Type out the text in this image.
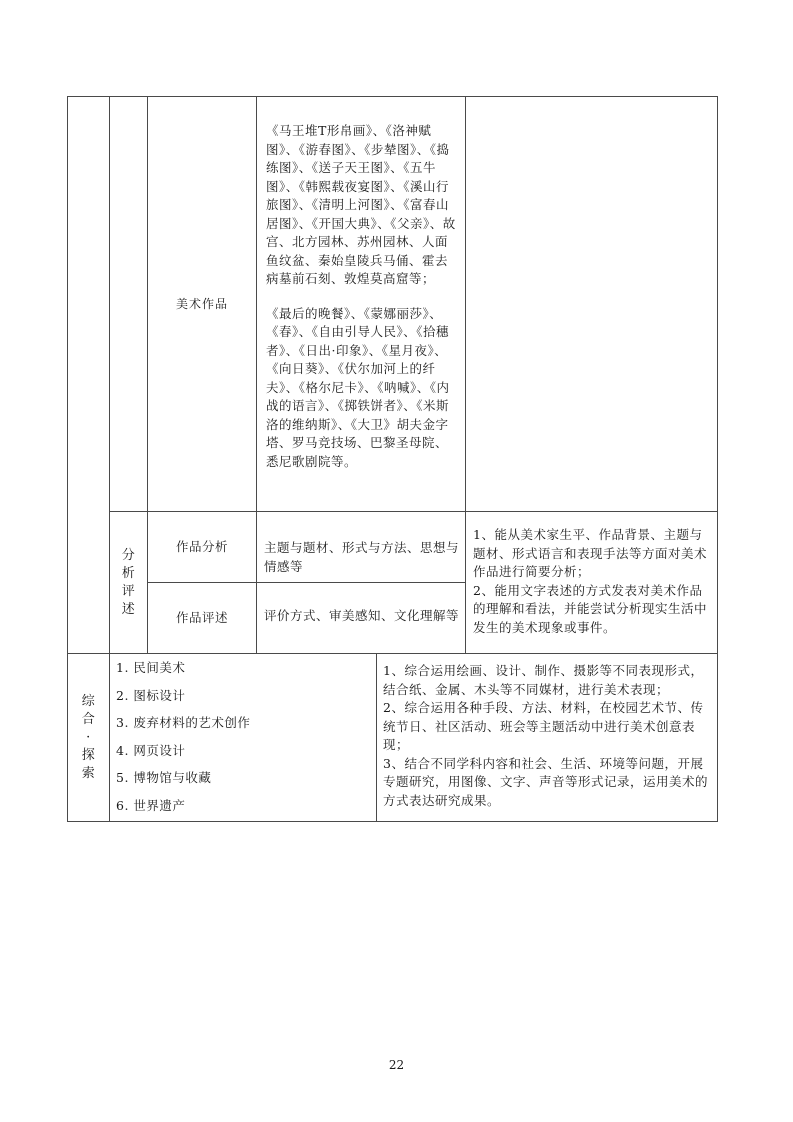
美术作品

《马王堆T形帛画》、《洛神赋图》、《游春图》、《步辇图》、《捣练图》、《送子天王图》、《五牛图》、《韩熙载夜宴图》、《溪山行旅图》、《清明上河图》、《富春山居图》、《开国大典》、《父亲》、故宫、北方园林、苏州园林、人面鱼纹盆、秦始皇陵兵马俑、霍去病墓前石刻、敦煌莫高窟等；

《最后的晚餐》、《蒙娜丽莎》、《春》、《自由引导人民》、《拾穗者》、《日出·印象》、《星月夜》、《向日葵》、《伏尔加河上的纤夫》、《格尔尼卡》、《呐喊》、《内战的语言》、《掷铁饼者》、《米斯洛的维纳斯》、《大卫》胡夫金字塔、罗马竞技场、巴黎圣母院、悉尼歌剧院等。

分析评述
作品分析	主题与题材、形式与方法、思想与情感等
作品评述	评价方式、审美感知、文化理解等

1、能从美术家生平、作品背景、主题与题材、形式语言和表现手法等方面对美术作品进行简要分析；

2、能用文字表述的方式发表对美术作品的理解和看法，并能尝试分析现实生活中发生的美术现象或事件。

综合·探索
1. 民间美术
2. 图标设计
3. 废弃材料的艺术创作
4. 网页设计
5. 博物馆与收藏
6. 世界遗产

1、综合运用绘画、设计、制作、摄影等不同表现形式，结合纸、金属、木头等不同媒材，进行美术表现；

2、综合运用各种手段、方法、材料，在校园艺术节、传统节日、社区活动、班会等主题活动中进行美术创意表现；

3、结合不同学科内容和社会、生活、环境等问题，开展专题研究，用图像、文字、声音等形式记录，运用美术的方式表达研究成果。

22
